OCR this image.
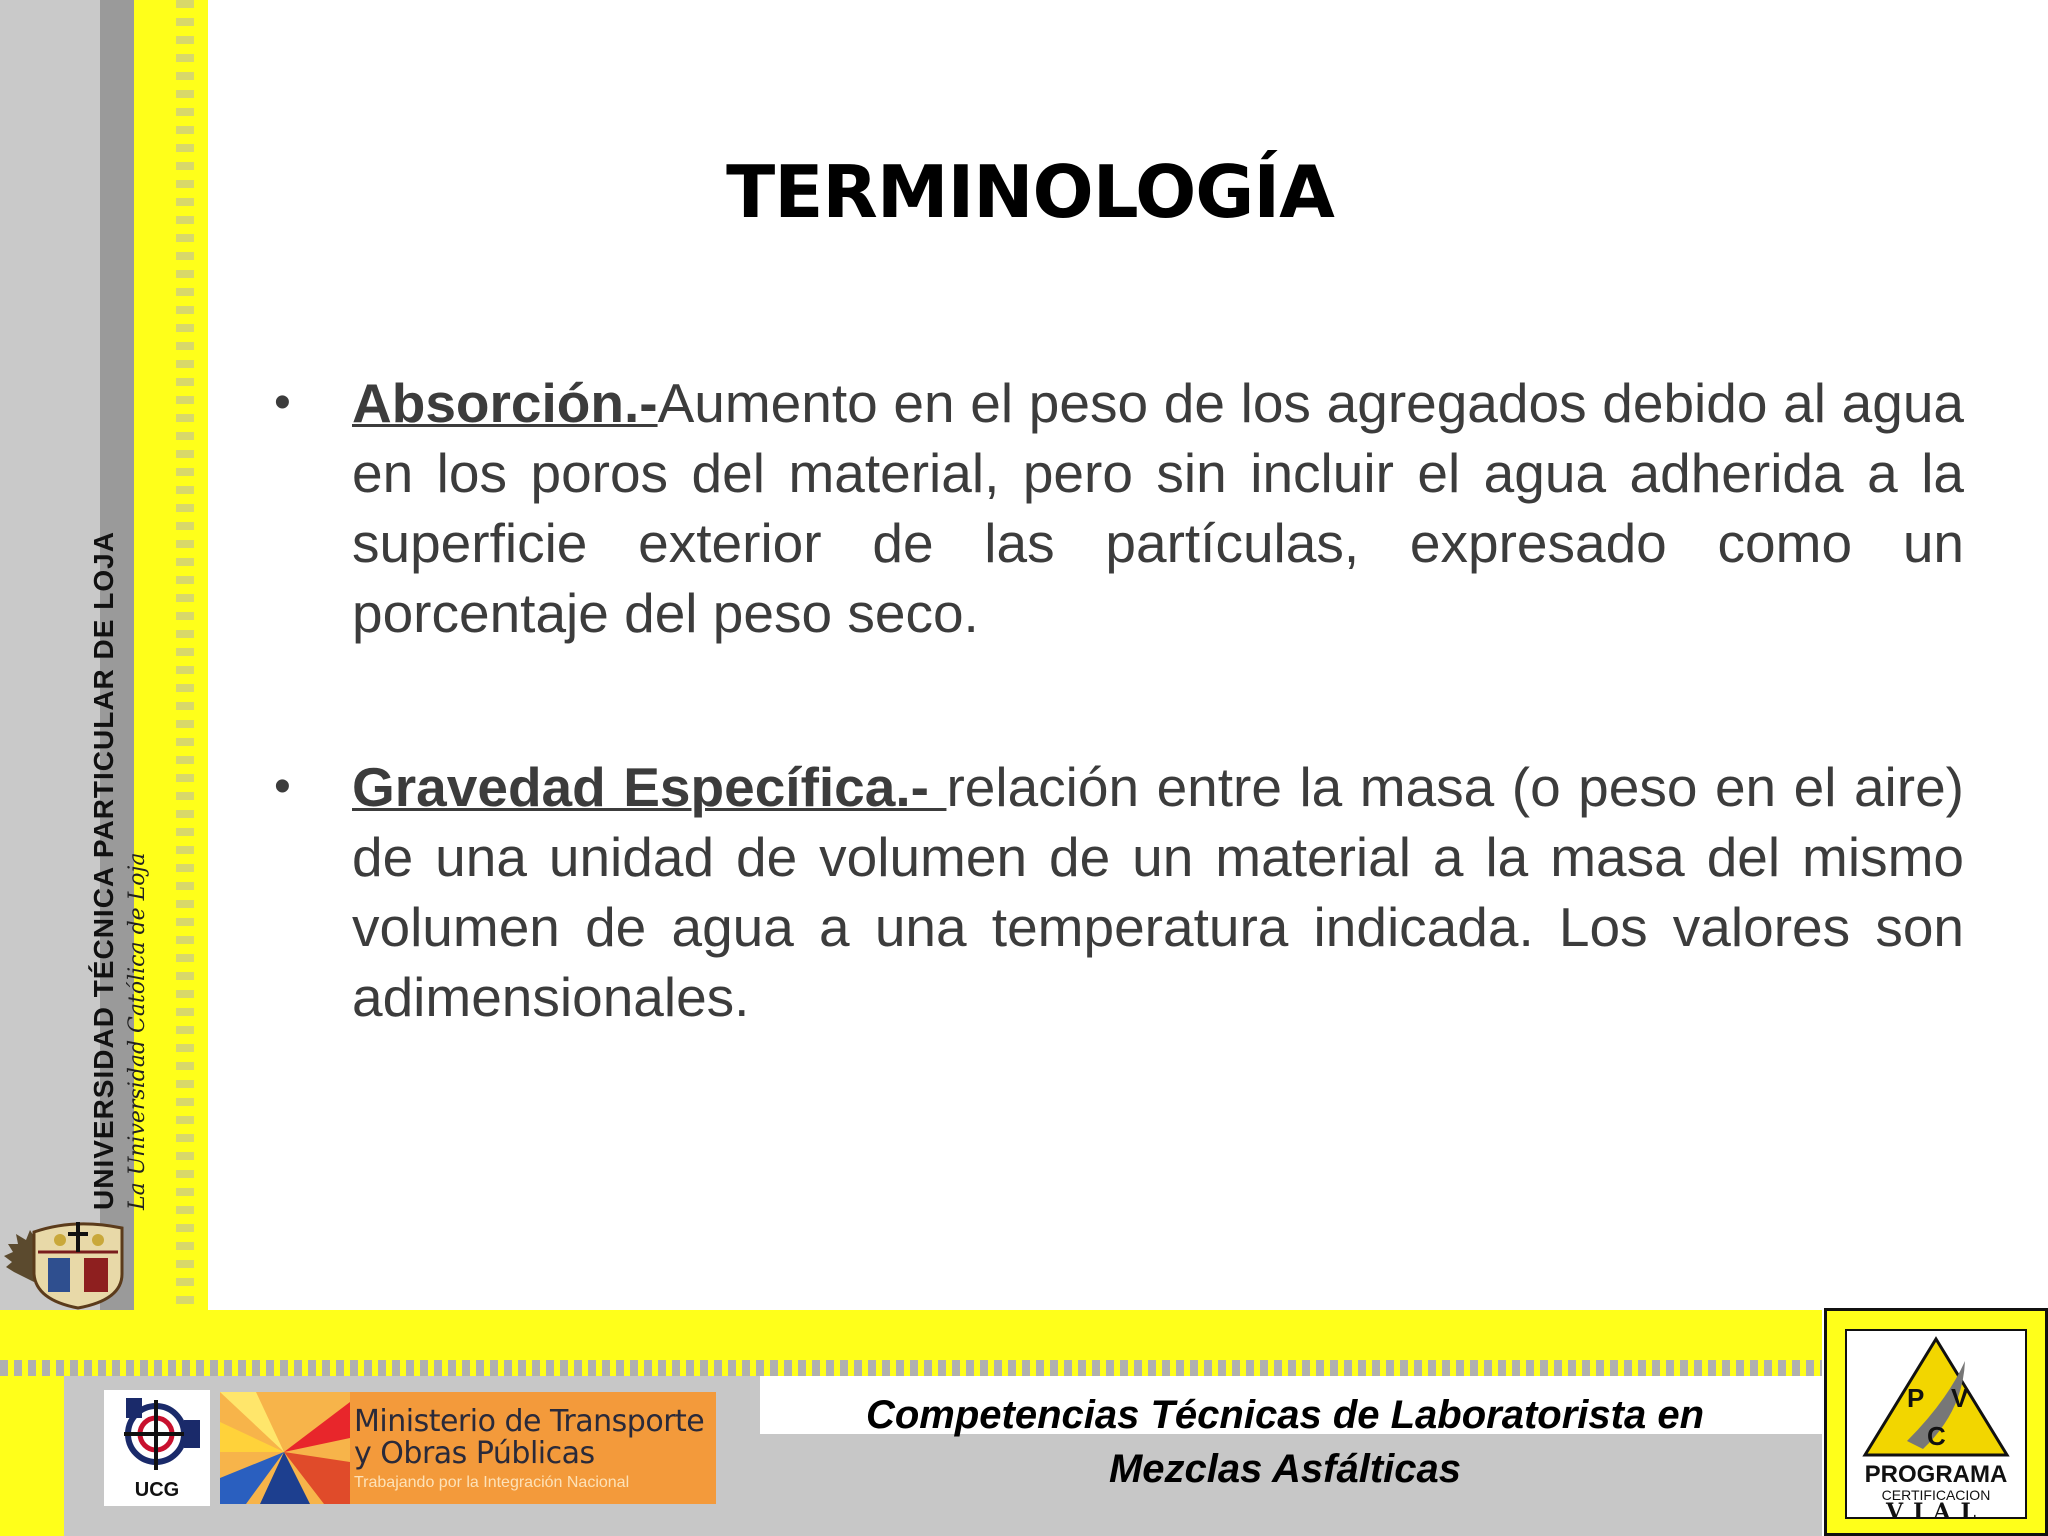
UNIVERSIDAD TÉCNICA PARTICULAR DE LOJA La Universidad Católica de Loja
TERMINOLOGÍA
• Absorción.-Aumento en el peso de los agregados debido al agua en los poros del material, pero sin incluir el agua adherida a la superficie exterior de las partículas, expresado como un porcentaje del peso seco.
• Gravedad Específica.- relación entre la masa (o peso en el aire) de una unidad de volumen de un material a la masa del mismo volumen de agua a una temperatura indicada. Los valores son adimensionales.
UCG
Ministerio de Transporte
y Obras Públicas
Trabajando por la Integración Nacional
Competencias Técnicas de Laboratorista en
Mezclas Asfálticas
P V
C
PROGRAMA
CERTIFICACION
VIAL
